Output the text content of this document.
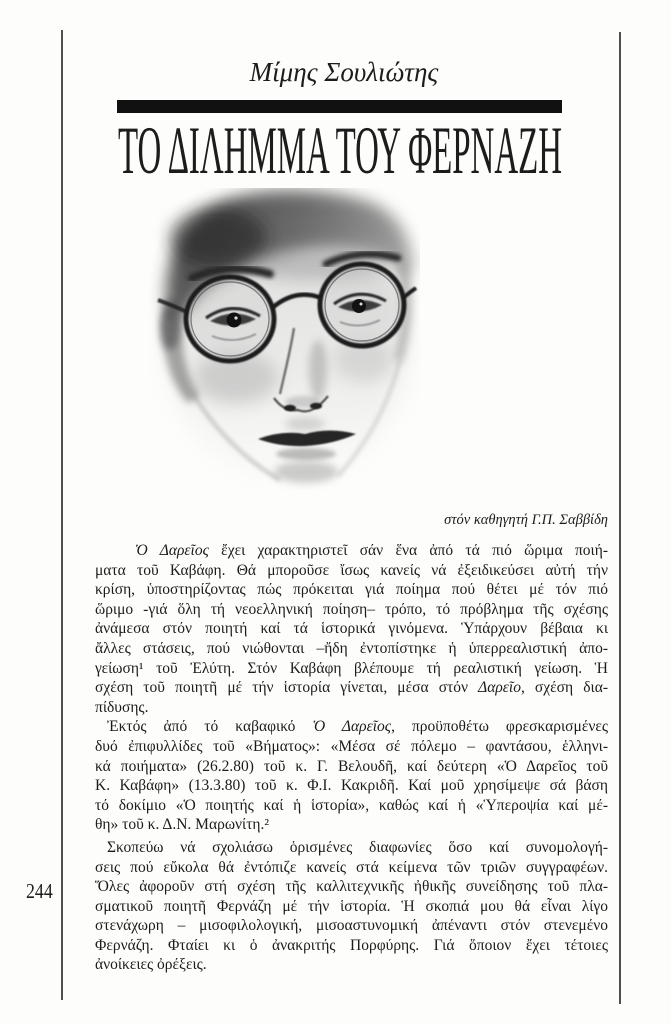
Μίμης Σουλιώτης
ΤΟ ΔΙΛΗΜΜΑ ΤΟΥ ΦΕΡΝΑΖΗ
στόν καθηγητή Γ.Π. Σαββίδη
Ὁ Δαρεῖος ἔχει χαρακτηριστεῖ σάν ἕνα ἀπό τά πιό ὥριμα ποιή-
ματα τοῦ Καβάφη. Θά μποροῦσε ἴσως κανείς νά ἐξειδικεύσει αὐτή τήν
κρίση, ὑποστηρίζοντας πώς πρόκειται γιά ποίημα πού θέτει μέ τόν πιό
ὥριμο -γιά ὅλη τή νεοελληνική ποίηση– τρόπο, τό πρόβλημα τῆς σχέσης
ἀνάμεσα στόν ποιητή καί τά ἱστορικά γινόμενα. Ὑπάρχουν βέβαια κι
ἄλλες στάσεις, πού νιώθονται –ἤδη ἐντοπίστηκε ἡ ὑπερρεαλιστική ἀπο-
γείωση¹ τοῦ Ἐλύτη. Στόν Καβάφη βλέπουμε τή ρεαλιστική γείωση. Ἡ
σχέση τοῦ ποιητῆ μέ τήν ἱστορία γίνεται, μέσα στόν Δαρεῖο, σχέση δια-
πίδυσης.
Ἐκτός ἀπό τό καβαφικό Ὁ Δαρεῖος, προϋποθέτω φρεσκαρισμένες
δυό ἐπιφυλλίδες τοῦ «Βήματος»: «Μέσα σέ πόλεμο – φαντάσου, ἑλληνι-
κά ποιήματα» (26.2.80) τοῦ κ. Γ. Βελουδῆ, καί δεύτερη «Ὁ Δαρεῖος τοῦ
Κ. Καβάφη» (13.3.80) τοῦ κ. Φ.Ι. Κακριδῆ. Καί μοῦ χρησίμεψε σά βάση
τό δοκίμιο «Ὁ ποιητής καί ἡ ἱστορία», καθώς καί ἡ «Ὑπεροψία καί μέ-
θη» τοῦ κ. Δ.Ν. Μαρωνίτη.²
Σκοπεύω νά σχολιάσω ὁρισμένες διαφωνίες ὅσο καί συνομολογή-
σεις πού εὔκολα θά ἐντόπιζε κανείς στά κείμενα τῶν τριῶν συγγραφέων.
Ὅλες ἀφοροῦν στή σχέση τῆς καλλιτεχνικῆς ἠθικῆς συνείδησης τοῦ πλα-
σματικοῦ ποιητῆ Φερνάζη μέ τήν ἱστορία. Ἡ σκοπιά μου θά εἶναι λίγο
στενάχωρη – μισοφιλολογική, μισοαστυνομική ἀπέναντι στόν στενεμένο
Φερνάζη. Φταίει κι ὁ ἀνακριτής Πορφύρης. Γιά ὅποιον ἔχει τέτοιες
ἀνοίκειες ὀρέξεις.
244
